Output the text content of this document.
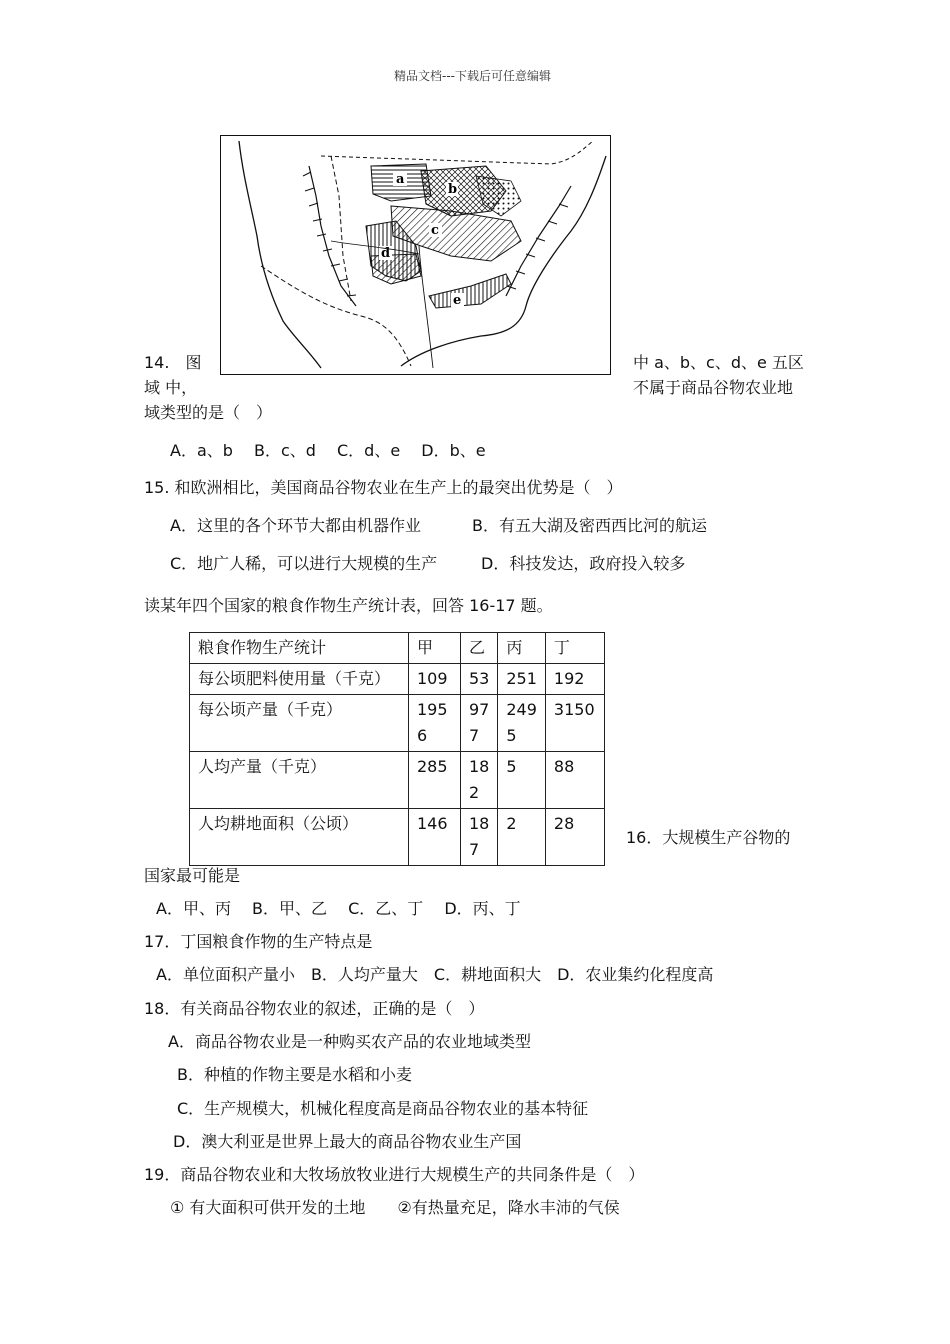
精品文档---下载后可任意编辑
a
b
c
d
e
14.　图
域 中，
中 a、b、c、d、e 五区
不属于商品谷物农业地
域类型的是（　）
A．a、b　 B．c、d　 C．d、e　 D．b、e
15. 和欧洲相比，美国商品谷物农业在生产上的最突出优势是（　）
A．这里的各个环节大都由机器作业	B．有五大湖及密西西比河的航运
C．地广人稀，可以进行大规模的生产	D．科技发达，政府投入较多
读某年四个国家的粮食作物生产统计表，回答 16-17 题。
粮食作物生产统计	甲	乙	丙	丁
每公顷肥料使用量（千克）	109	53	251	192
每公顷产量（千克）	1956	977	2495	3150
人均产量（千克）	285	182	5	88
人均耕地面积（公顷）	146	187	2	28
16．大规模生产谷物的
国家最可能是
A．甲、丙　 B．甲、乙　 C．乙、丁　 D．丙、丁
17．丁国粮食作物的生产特点是
A．单位面积产量小　B．人均产量大　C．耕地面积大　D．农业集约化程度高
18．有关商品谷物农业的叙述，正确的是（　）
A．商品谷物农业是一种购买农产品的农业地域类型
B．种植的作物主要是水稻和小麦
C．生产规模大，机械化程度高是商品谷物农业的基本特征
D．澳大利亚是世界上最大的商品谷物农业生产国
19．商品谷物农业和大牧场放牧业进行大规模生产的共同条件是（　）
① 有大面积可供开发的土地　　②有热量充足，降水丰沛的气侯
